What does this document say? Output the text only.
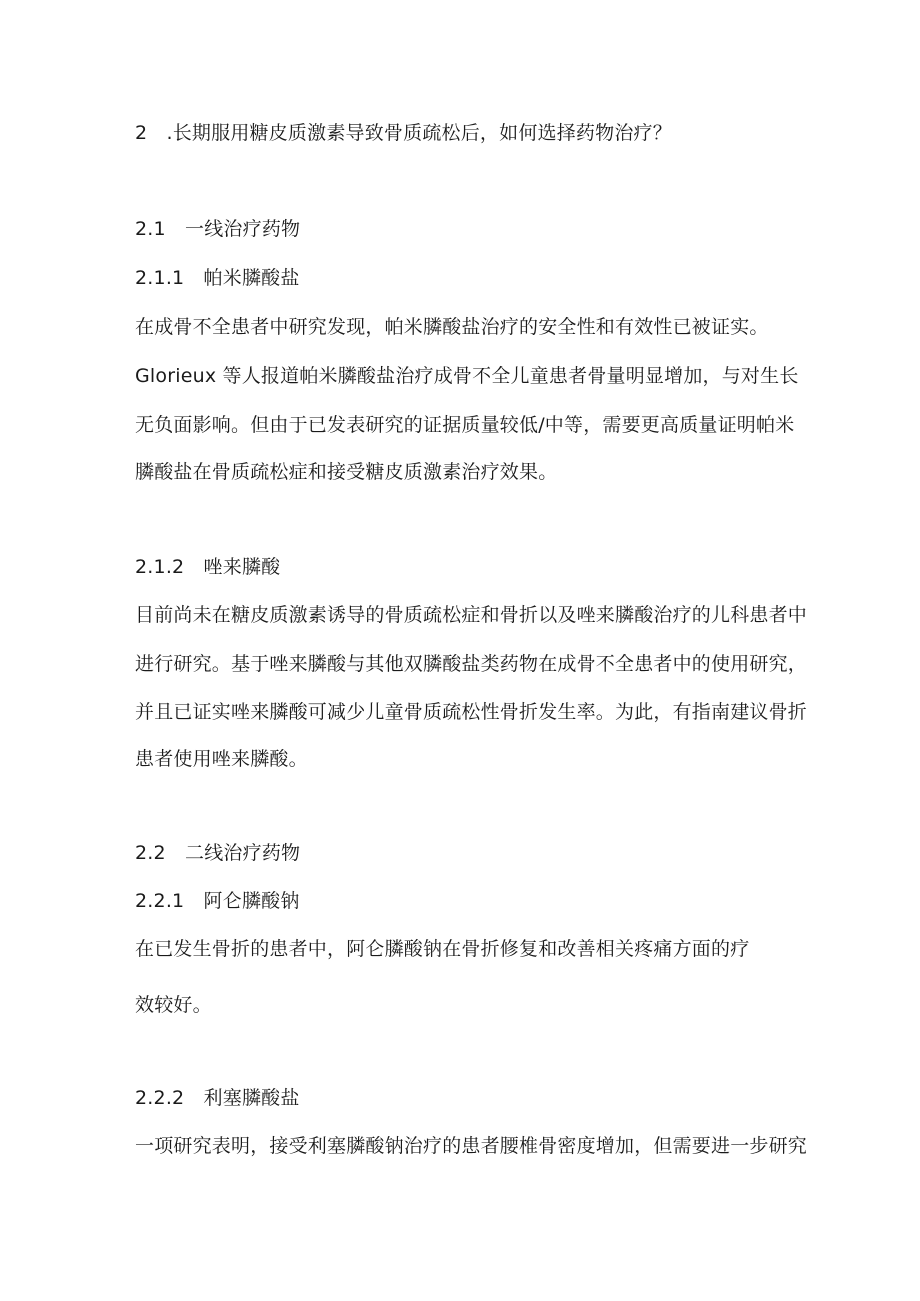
2　.长期服用糖皮质激素导致骨质疏松后，如何选择药物治疗？
2.1　一线治疗药物
2.1.1　帕米膦酸盐
在成骨不全患者中研究发现，帕米膦酸盐治疗的安全性和有效性已被证实。
Glorieux 等人报道帕米膦酸盐治疗成骨不全儿童患者骨量明显增加，与对生长
无负面影响。但由于已发表研究的证据质量较低/中等，需要更高质量证明帕米
膦酸盐在骨质疏松症和接受糖皮质激素治疗效果。
2.1.2　唑来膦酸
目前尚未在糖皮质激素诱导的骨质疏松症和骨折以及唑来膦酸治疗的儿科患者中
进行研究。基于唑来膦酸与其他双膦酸盐类药物在成骨不全患者中的使用研究，
并且已证实唑来膦酸可减少儿童骨质疏松性骨折发生率。为此，有指南建议骨折
患者使用唑来膦酸。
2.2　二线治疗药物
2.2.1　阿仑膦酸钠
在已发生骨折的患者中，阿仑膦酸钠在骨折修复和改善相关疼痛方面的疗
效较好。
2.2.2　利塞膦酸盐
一项研究表明，接受利塞膦酸钠治疗的患者腰椎骨密度增加，但需要进一步研究
